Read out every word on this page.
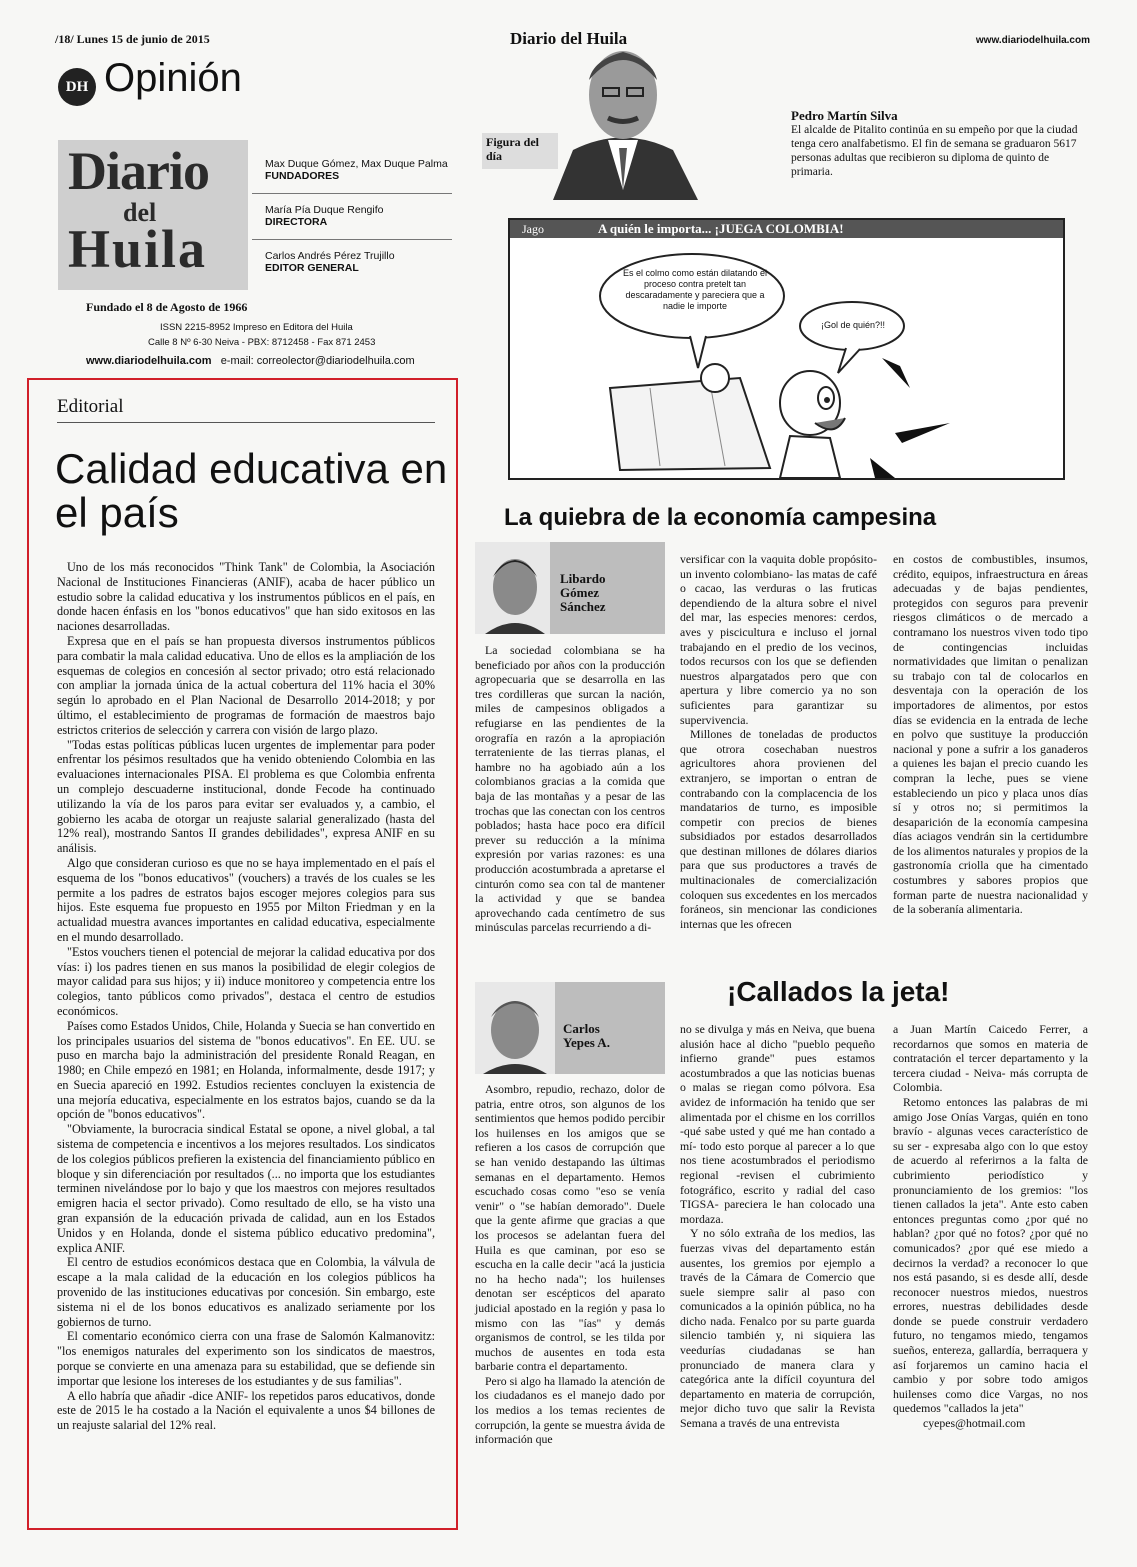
/18/ Lunes 15 de junio de 2015	Diario del Huila	www.diariodelhuila.com
DH Opinión
Diario
del
Huila
Max Duque Gómez, Max Duque Palma
FUNDADORES
María Pía Duque Rengifo
DIRECTORA
Carlos Andrés Pérez Trujillo
EDITOR GENERAL
Fundado el 8 de Agosto de 1966
ISSN 2215-8952 Impreso en Editora del Huila
Calle 8 Nº 6-30 Neiva - PBX: 8712458 - Fax 871 2453
www.diariodelhuila.com e-mail: correolector@diariodelhuila.com
Editorial
Calidad educativa en el país

Uno de los más reconocidos "Think Tank" de Colombia, la Asociación Nacional de Instituciones Financieras (ANIF), acaba de hacer público un estudio sobre la calidad educativa y los instrumentos públicos en el país, en donde hacen énfasis en los "bonos educativos" que han sido exitosos en las naciones desarrolladas.

Expresa que en el país se han propuesta diversos instrumentos públicos para combatir la mala calidad educativa. Uno de ellos es la ampliación de los esquemas de colegios en concesión al sector privado; otro está relacionado con ampliar la jornada única de la actual cobertura del 11% hacia el 30% según lo aprobado en el Plan Nacional de Desarrollo 2014-2018; y por último, el establecimiento de programas de formación de maestros bajo estrictos criterios de selección y carrera con visión de largo plazo.

"Todas estas políticas públicas lucen urgentes de implementar para poder enfrentar los pésimos resultados que ha venido obteniendo Colombia en las evaluaciones internacionales PISA. El problema es que Colombia enfrenta un complejo descuaderne institucional, donde Fecode ha continuado utilizando la vía de los paros para evitar ser evaluados y, a cambio, el gobierno les acaba de otorgar un reajuste salarial generalizado (hasta del 12% real), mostrando Santos II grandes debilidades", expresa ANIF en su análisis.

Algo que consideran curioso es que no se haya implementado en el país el esquema de los "bonos educativos" (vouchers) a través de los cuales se les permite a los padres de estratos bajos escoger mejores colegios para sus hijos. Este esquema fue propuesto en 1955 por Milton Friedman y en la actualidad muestra avances importantes en calidad educativa, especialmente en el mundo desarrollado.

"Estos vouchers tienen el potencial de mejorar la calidad educativa por dos vías: i) los padres tienen en sus manos la posibilidad de elegir colegios de mayor calidad para sus hijos; y ii) induce monitoreo y competencia entre los colegios, tanto públicos como privados", destaca el centro de estudios económicos.

Países como Estados Unidos, Chile, Holanda y Suecia se han convertido en los principales usuarios del sistema de "bonos educativos". En EE. UU. se puso en marcha bajo la administración del presidente Ronald Reagan, en 1980; en Chile empezó en 1981; en Holanda, informalmente, desde 1917; y en Suecia apareció en 1992. Estudios recientes concluyen la existencia de una mejoría educativa, especialmente en los estratos bajos, cuando se da la opción de "bonos educativos".

"Obviamente, la burocracia sindical Estatal se opone, a nivel global, a tal sistema de competencia e incentivos a los mejores resultados. Los sindicatos de los colegios públicos prefieren la existencia del financiamiento público en bloque y sin diferenciación por resultados (... no importa que los estudiantes terminen nivelándose por lo bajo y que los maestros con mejores resultados emigren hacia el sector privado). Como resultado de ello, se ha visto una gran expansión de la educación privada de calidad, aun en los Estados Unidos y en Holanda, donde el sistema público educativo predomina", explica ANIF.

El centro de estudios económicos destaca que en Colombia, la válvula de escape a la mala calidad de la educación en los colegios públicos ha provenido de las instituciones educativas por concesión. Sin embargo, este sistema ni el de los bonos educativos es analizado seriamente por los gobiernos de turno.

El comentario económico cierra con una frase de Salomón Kalmanovitz: "los enemigos naturales del experimento son los sindicatos de maestros, porque se convierte en una amenaza para su estabilidad, que se defiende sin importar que lesione los intereses de los estudiantes y de sus familias".

A ello habría que añadir -dice ANIF- los repetidos paros educativos, donde este de 2015 le ha costado a la Nación el equivalente a unos $4 billones de un reajuste salarial del 12% real.

Figura del día
Pedro Martín Silva
El alcalde de Pitalito continúa en su empeño por que la ciudad tenga cero analfabetismo. El fin de semana se graduaron 5617 personas adultas que recibieron su diploma de quinto de primaria.
Jago	A quién le importa... ¡JUEGA COLOMBIA!
Es el colmo como están dilatando el proceso contra pretelt tan descaradamente y pareciera que a nadie le importe
¡Gol de quién?!!
La quiebra de la economía campesina
Libardo Gómez Sánchez

La sociedad colombiana se ha beneficiado por años con la producción agropecuaria que se desarrolla en las tres cordilleras que surcan la nación, miles de campesinos obligados a refugiarse en las pendientes de la orografía en razón a la apropiación terrateniente de las tierras planas, el hambre no ha agobiado aún a los colombianos gracias a la comida que baja de las montañas y a pesar de las trochas que las conectan con los centros poblados; hasta hace poco era difícil prever su reducción a la mínima expresión por varias razones: es una producción acostumbrada a apretarse el cinturón como sea con tal de mantener la actividad y que se bandea aprovechando cada centímetro de sus minúsculas parcelas recurriendo a di-

versificar con la vaquita doble propósito- un invento colombiano- las matas de café o cacao, las verduras o las fruticas dependiendo de la altura sobre el nivel del mar, las especies menores: cerdos, aves y piscicultura e incluso el jornal trabajando en el predio de los vecinos, todos recursos con los que se defienden nuestros alpargatados pero que con apertura y libre comercio ya no son suficientes para garantizar su supervivencia.

Millones de toneladas de productos que otrora cosechaban nuestros agricultores ahora provienen del extranjero, se importan o entran de contrabando con la complacencia de los mandatarios de turno, es imposible competir con precios de bienes subsidiados por estados desarrollados que destinan millones de dólares diarios para que sus productores a través de multinacionales de comercialización coloquen sus excedentes en los mercados foráneos, sin mencionar las condiciones internas que les ofrecen

en costos de combustibles, insumos, crédito, equipos, infraestructura en áreas adecuadas y de bajas pendientes, protegidos con seguros para prevenir riesgos climáticos o de mercado a contramano los nuestros viven todo tipo de contingencias incluidas normatividades que limitan o penalizan su trabajo con tal de colocarlos en desventaja con la operación de los importadores de alimentos, por estos días se evidencia en la entrada de leche en polvo que sustituye la producción nacional y pone a sufrir a los ganaderos a quienes les bajan el precio cuando les compran la leche, pues se viene estableciendo un pico y placa unos días sí y otros no; si permitimos la desaparición de la economía campesina días aciagos vendrán sin la certidumbre de los alimentos naturales y propios de la gastronomía criolla que ha cimentado costumbres y sabores propios que forman parte de nuestra nacionalidad y de la soberanía alimentaria.

¡Callados la jeta!
Carlos Yepes A.

Asombro, repudio, rechazo, dolor de patria, entre otros, son algunos de los sentimientos que hemos podido percibir los huilenses en los amigos que se refieren a los casos de corrupción que se han venido destapando las últimas semanas en el departamento. Hemos escuchado cosas como "eso se venía venir" o "se habían demorado". Duele que la gente afirme que gracias a que los procesos se adelantan fuera del Huila es que caminan, por eso se escucha en la calle decir "acá la justicia no ha hecho nada"; los huilenses denotan ser escépticos del aparato judicial apostado en la región y pasa lo mismo con las "ías" y demás organismos de control, se les tilda por muchos de ausentes en toda esta barbarie contra el departamento.

Pero si algo ha llamado la atención de los ciudadanos es el manejo dado por los medios a los temas recientes de corrupción, la gente se muestra ávida de información que

no se divulga y más en Neiva, que buena alusión hace al dicho "pueblo pequeño infierno grande" pues estamos acostumbrados a que las noticias buenas o malas se riegan como pólvora. Esa avidez de información ha tenido que ser alimentada por el chisme en los corrillos -qué sabe usted y qué me han contado a mí- todo esto porque al parecer a lo que nos tiene acostumbrados el periodismo regional -revisen el cubrimiento fotográfico, escrito y radial del caso TIGSA- pareciera le han colocado una mordaza.

Y no sólo extraña de los medios, las fuerzas vivas del departamento están ausentes, los gremios por ejemplo a través de la Cámara de Comercio que suele siempre salir al paso con comunicados a la opinión pública, no ha dicho nada. Fenalco por su parte guarda silencio también y, ni siquiera las veedurías ciudadanas se han pronunciado de manera clara y categórica ante la difícil coyuntura del departamento en materia de corrupción, mejor dicho tuvo que salir la Revista Semana a través de una entrevista

a Juan Martín Caicedo Ferrer, a recordarnos que somos en materia de contratación el tercer departamento y la tercera ciudad - Neiva- más corrupta de Colombia.

Retomo entonces las palabras de mi amigo Jose Onías Vargas, quién en tono bravío - algunas veces característico de su ser - expresaba algo con lo que estoy de acuerdo al referirnos a la falta de cubrimiento periodístico y pronunciamiento de los gremios: "los tienen callados la jeta". Ante esto caben entonces preguntas como ¿por qué no hablan? ¿por qué no fotos? ¿por qué no comunicados? ¿por qué ese miedo a decirnos la verdad? a reconocer lo que nos está pasando, si es desde allí, desde reconocer nuestros miedos, nuestros errores, nuestras debilidades desde donde se puede construir verdadero futuro, no tengamos miedo, tengamos sueños, entereza, gallardía, berraquera y así forjaremos un camino hacia el cambio y por sobre todo amigos huilenses como dice Vargas, no nos quedemos "callados la jeta"

cyepes@hotmail.com
